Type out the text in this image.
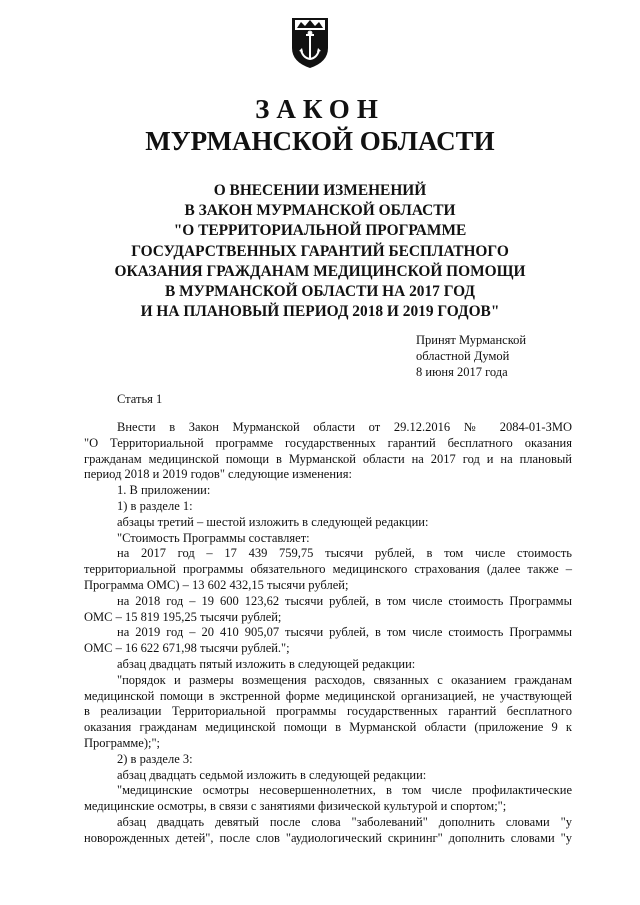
ЗАКОН
МУРМАНСКОЙ ОБЛАСТИ
О ВНЕСЕНИИ ИЗМЕНЕНИЙ
В ЗАКОН МУРМАНСКОЙ ОБЛАСТИ
"О ТЕРРИТОРИАЛЬНОЙ ПРОГРАММЕ
ГОСУДАРСТВЕННЫХ ГАРАНТИЙ БЕСПЛАТНОГО
ОКАЗАНИЯ ГРАЖДАНАМ МЕДИЦИНСКОЙ ПОМОЩИ
В МУРМАНСКОЙ ОБЛАСТИ НА 2017 ГОД
И НА ПЛАНОВЫЙ ПЕРИОД 2018 И 2019 ГОДОВ"
Принят Мурманской
областной Думой
8 июня 2017 года
Статья 1
Внести в Закон Мурманской области от 29.12.2016 № 2084-01-ЗМО
"О Территориальной программе государственных гарантий бесплатного оказания
гражданам медицинской помощи в Мурманской области на 2017 год и на плановый
период 2018 и 2019 годов" следующие изменения:
1. В приложении:
1) в разделе 1:
абзацы третий – шестой изложить в следующей редакции:
"Стоимость Программы составляет:
на 2017 год – 17 439 759,75 тысячи рублей, в том числе стоимость
территориальной программы обязательного медицинского страхования (далее также –
Программа ОМС) – 13 602 432,15 тысячи рублей;
на 2018 год – 19 600 123,62 тысячи рублей, в том числе стоимость Программы
ОМС – 15 819 195,25 тысячи рублей;
на 2019 год – 20 410 905,07 тысячи рублей, в том числе стоимость Программы
ОМС – 16 622 671,98 тысячи рублей.";
абзац двадцать пятый изложить в следующей редакции:
"порядок и размеры возмещения расходов, связанных с оказанием гражданам
медицинской помощи в экстренной форме медицинской организацией, не участвующей
в реализации Территориальной программы государственных гарантий бесплатного
оказания гражданам медицинской помощи в Мурманской области (приложение 9 к
Программе);";
2) в разделе 3:
абзац двадцать седьмой изложить в следующей редакции:
"медицинские осмотры несовершеннолетних, в том числе профилактические
медицинские осмотры, в связи с занятиями физической культурой и спортом;";
абзац двадцать девятый после слова "заболеваний" дополнить словами "у
новорожденных детей", после слов "аудиологический скрининг" дополнить словами "у
